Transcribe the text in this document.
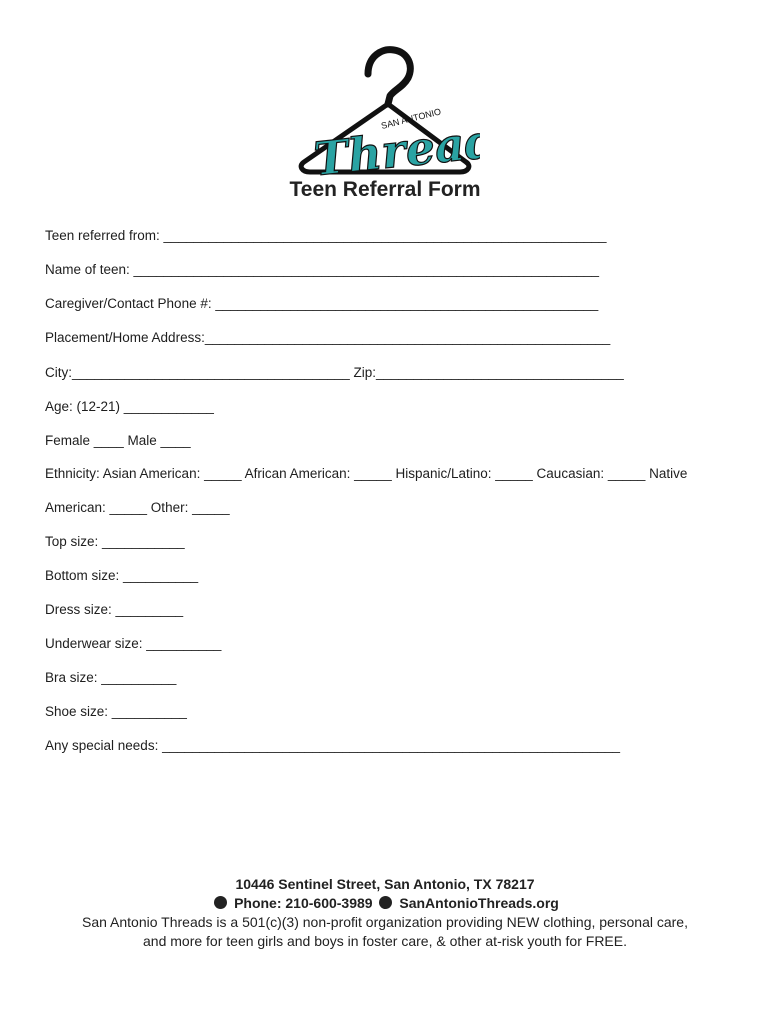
SAN ANTONIO
Threads
Teen Referral Form
Teen referred from: ___________________________________________________________
Name of teen: ______________________________________________________________
Caregiver/Contact Phone #: ___________________________________________________
Placement/Home Address:______________________________________________________
City:_____________________________________ Zip:_________________________________
Age: (12-21) ____________
Female ____ Male ____
Ethnicity: Asian American: _____ African American: _____ Hispanic/Latino: _____ Caucasian: _____ Native
American: _____ Other: _____
Top size: ___________
Bottom size: __________
Dress size: _________
Underwear size: __________
Bra size: __________
Shoe size: __________
Any special needs: _____________________________________________________________
10446 Sentinel Street, San Antonio, TX 78217
Phone: 210-600-3989 SanAntonioThreads.org
San Antonio Threads is a 501(c)(3) non-profit organization providing NEW clothing, personal care,
and more for teen girls and boys in foster care, & other at-risk youth for FREE.
